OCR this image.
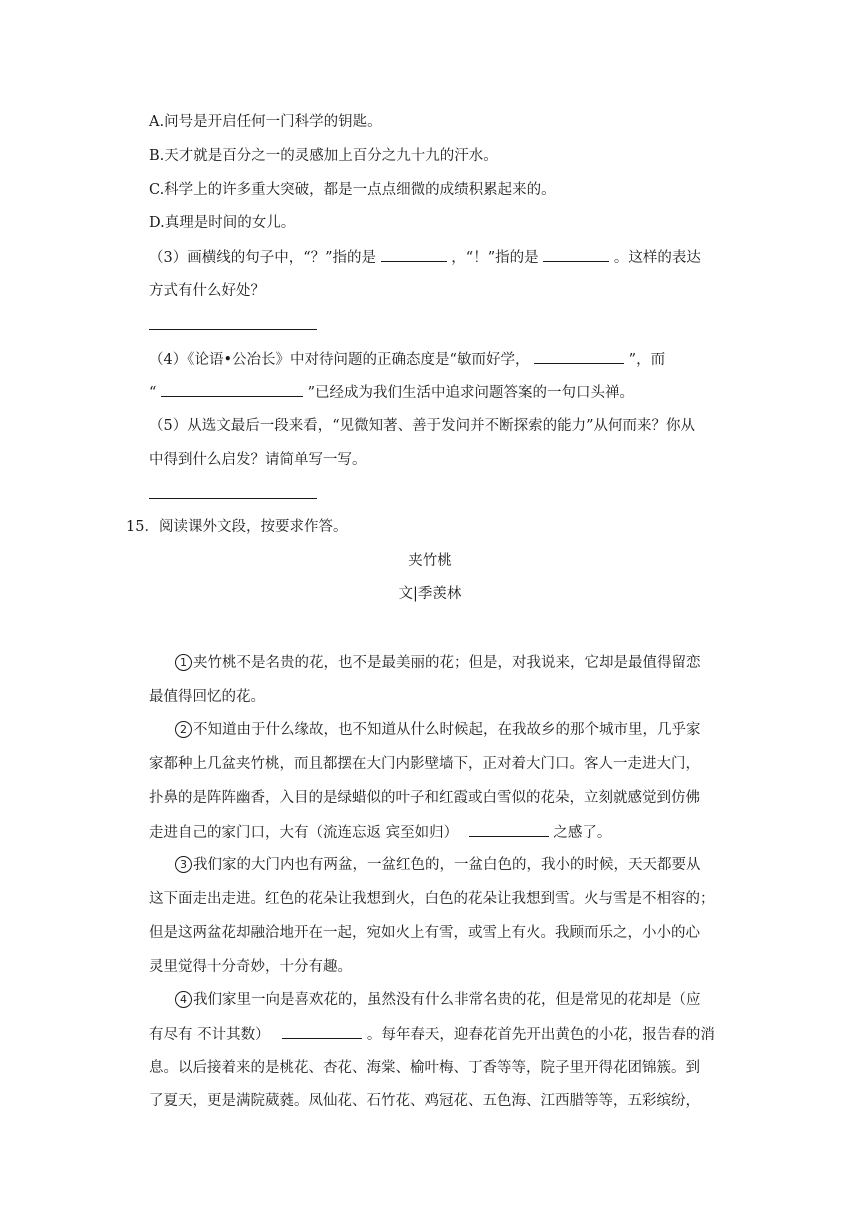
A.问号是开启任何一门科学的钥匙。
B.天才就是百分之一的灵感加上百分之九十九的汗水。
C.科学上的许多重大突破，都是一点点细微的成绩积累起来的。
D.真理是时间的女儿。
（3）画横线的句子中，“？”指的是	，“！”指的是	。这样的表达
方式有什么好处？
（4）《论语•公冶长》中对待问题的正确态度是“敏而好学，	”，而
“	”已经成为我们生活中追求问题答案的一句口头禅。
（5）从选文最后一段来看，“见微知著、善于发问并不断探索的能力”从何而来？你从
中得到什么启发？请简单写一写。
15．阅读课外文段，按要求作答。
夹竹桃
文|季羡林
1 夹竹桃不是名贵的花，也不是最美丽的花；但是，对我说来，它却是最值得留恋
最值得回忆的花。
2 不知道由于什么缘故，也不知道从什么时候起，在我故乡的那个城市里，几乎家
家都种上几盆夹竹桃，而且都摆在大门内影壁墙下，正对着大门口。客人一走进大门，
扑鼻的是阵阵幽香，入目的是绿蜡似的叶子和红霞或白雪似的花朵，立刻就感觉到仿佛
走进自己的家门口，大有（流连忘返 宾至如归）	之感了。
3 我们家的大门内也有两盆，一盆红色的，一盆白色的，我小的时候，天天都要从
这下面走出走进。红色的花朵让我想到火，白色的花朵让我想到雪。火与雪是不相容的；
但是这两盆花却融洽地开在一起，宛如火上有雪，或雪上有火。我顾而乐之，小小的心
灵里觉得十分奇妙，十分有趣。
4 我们家里一向是喜欢花的，虽然没有什么非常名贵的花，但是常见的花却是（应
有尽有 不计其数）	。每年春天，迎春花首先开出黄色的小花，报告春的消
息。以后接着来的是桃花、杏花、海棠、榆叶梅、丁香等等，院子里开得花团锦簇。到
了夏天，更是满院葳蕤。凤仙花、石竹花、鸡冠花、五色海、江西腊等等，五彩缤纷，
